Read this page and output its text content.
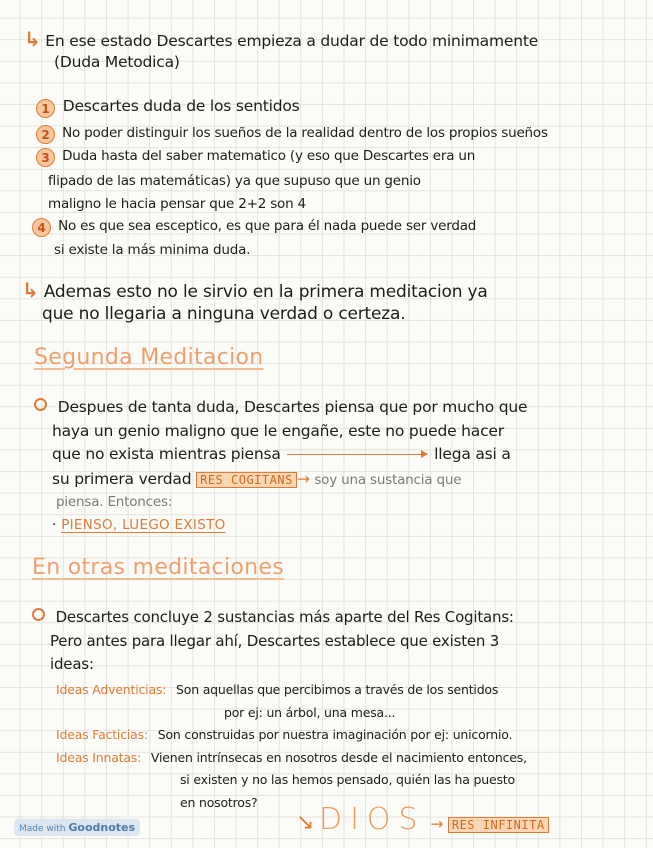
↳ En ese estado Descartes empieza a dudar de todo minimamente
(Duda Metodica)
1 Descartes duda de los sentidos
2 No poder distinguir los sueños de la realidad dentro de los propios sueños
3 Duda hasta del saber matematico (y eso que Descartes era un
flipado de las matemáticas) ya que supuso que un genio
maligno le hacia pensar que 2+2 son 4
4 No es que sea esceptico, es que para él nada puede ser verdad
si existe la más minima duda.
↳ Ademas esto no le sirvio en la primera meditacion ya
que no llegaria a ninguna verdad o certeza.
Segunda Meditacion
Despues de tanta duda, Descartes piensa que por mucho que
haya un genio maligno que le engañe, este no puede hacer
que no exista mientras piensa	llega asi a
su primera verdad RES COGITANS → soy una sustancia que
piensa. Entonces:
· PIENSO, LUEGO EXISTO
En otras meditaciones
Descartes concluye 2 sustancias más aparte del Res Cogitans:
Pero antes para llegar ahí, Descartes establece que existen 3
ideas:
Ideas Adventicias: Son aquellas que percibimos a través de los sentidos
por ej: un árbol, una mesa...
Ideas Facticias: Son construidas por nuestra imaginación por ej: unicornio.
Ideas Innatas: Vienen intrínsecas en nosotros desde el nacimiento entonces,
si existen y no las hemos pensado, quién las ha puesto
en nosotros?
↘ DIOS → RES INFINITA
Made with Goodnotes
